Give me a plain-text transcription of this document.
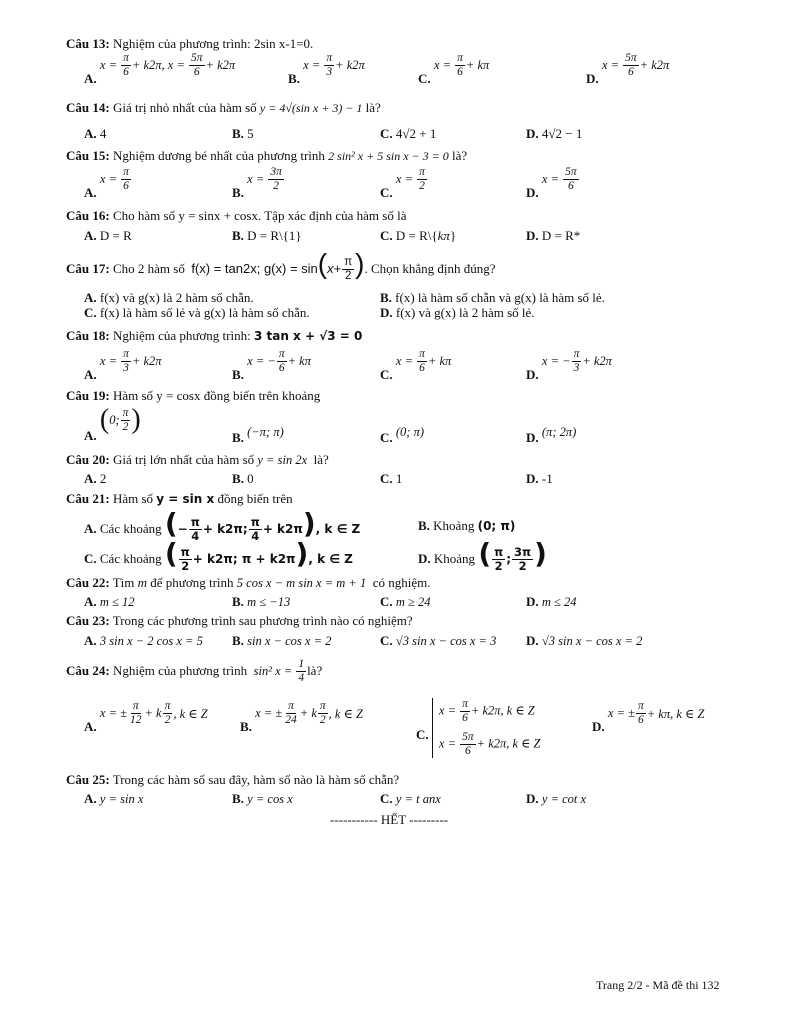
Câu 13: Nghiệm của phương trình: 2sin x-1=0.
A.
$x = \frac{\pi}{6} + k2\pi$, $x = \frac{5\pi}{6} + k2\pi$
B. $x = \frac{\pi}{3} + k2\pi$
C. $x = \frac{\pi}{6} + k\pi$
D. $x = \frac{5\pi}{6} + k2\pi$
Câu 14: Giá trị nhỏ nhất của hàm số y = 4√(sin x + 3) − 1 là?
A. 4	B. 5	C. 4√2 + 1	D. 4√2 − 1
Câu 15: Nghiệm dương bé nhất của phương trình 2 sin² x + 5 sin x − 3 = 0 là?
A. $x = \frac{\pi}{6}$	B. $x = \frac{3\pi}{2}$	C. $x = \frac{\pi}{2}$	D. $x = \frac{5\pi}{6}$
Câu 16: Cho hàm số y = sinx + cosx. Tập xác định của hàm số là
A. D = R	B. D = R\{1}	C. D = R\{kπ}	D. D = R*
Câu 17: Cho 2 hàm số f(x) = tan2x; $g(x) = \sin(x+ \frac{\pi}{2}$ ). Chọn khẳng định đúng?
A. f(x) và g(x) là 2 hàm số chẵn.	B. f(x) là hàm số chẵn và g(x) là hàm số lẻ.
C. f(x) là hàm số lẻ và g(x) là hàm số chẵn.	D. f(x) và g(x) là 2 hàm số lẻ.
Câu 18: Nghiệm của phương trình: 3 tan x + √3 = 0
A. $x = \frac{\pi}{3} + k2\pi$
B. x = − $\frac{\pi}{6} + k\pi$
C. $x = \frac{\pi}{6} + k\pi$
D. x = − $\frac{\pi}{3} + k2\pi$
Câu 19: Hàm số y = cosx đồng biến trên khoảng
A.
( 0; $\frac{\pi}{2}$ )
B. (−π; π)	C. (0; π)	D. (π; 2π)
Câu 20: Giá trị lớn nhất của hàm số y = sin 2x là?
A. 2	B. 0	C. 1	D. -1
Câu 21: Hàm số y = sin x đồng biến trên
A. Các khoảng (− $\frac{\pi}{4} + k2\pi$; $\frac{\pi}{4} + k2\pi$), k ∈ Z	B. Khoảng (0; π)
C. Các khoảng ( $\frac{\pi}{2} + k2\pi$; π + k2π), k ∈ Z	D. Khoảng ( $\frac{\pi}{2}$ ; $\frac{3\pi}{2}$ )
Câu 22: Tìm m để phương trình 5 cos x − m sin x = m + 1 có nghiệm.
A. m ≤ 12	B. m ≤ −13	C. m ≥ 24	D. m ≤ 24
Câu 23: Trong các phương trình sau phương trình nào có nghiệm?
A. 3 sin x − 2 cos x = 5 B. sin x − cos x = 2	C. √3 sin x − cos x = 3 D. √3 sin x − cos x = 2
Câu 24: Nghiệm của phương trình sin² $x = \frac{1}{4}$ là?
A. x = ± $\frac{\pi}{12} + k \frac{\pi}{2}$ , k ∈ Z
B. x = ± $\frac{\pi}{24} + k \frac{\pi}{2}$ , k ∈ Z
C.
$x = \frac{\pi}{6} + k2\pi$, k ∈ Z
$x = \frac{5\pi}{6} + k2\pi$, k ∈ Z
D. x = ± $\frac{\pi}{6} + k\pi$, k ∈ Z
Câu 25: Trong các hàm số sau đây, hàm số nào là hàm số chẵn?
A. y = sin x	B. y = cos x	C. y = t anx	D. y = cot x
----------- HẾT ---------
Trang 2/2 - Mã đề thi 132
